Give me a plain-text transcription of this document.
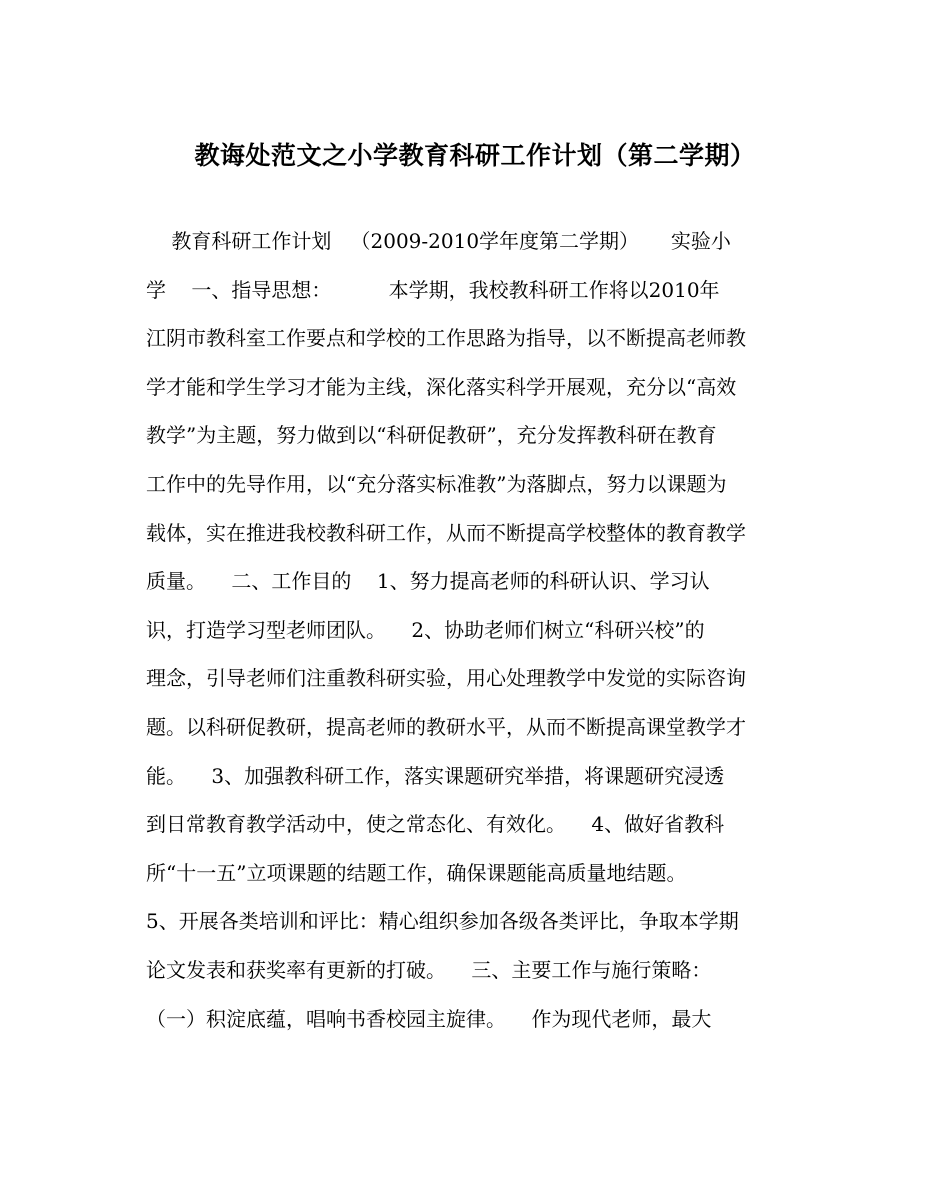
教诲处范文之小学教育科研工作计划（第二学期）
教育科研工作计划   （2009-2010学年度第二学期）     实验小
学    一、指导思想：         本学期，我校教科研工作将以2010年
江阴市教科室工作要点和学校的工作思路为指导，以不断提高老师教
学才能和学生学习才能为主线，深化落实科学开展观，充分以“高效
教学”为主题，努力做到以“科研促教研”，充分发挥教科研在教育
工作中的先导作用，以“充分落实标准教”为落脚点，努力以课题为
载体，实在推进我校教科研工作，从而不断提高学校整体的教育教学
质量。    二、工作目的    1、努力提高老师的科研认识、学习认
识，打造学习型老师团队。    2、协助老师们树立“科研兴校”的
理念，引导老师们注重教科研实验，用心处理教学中发觉的实际咨询
题。以科研促教研，提高老师的教研水平，从而不断提高课堂教学才
能。    3、加强教科研工作，落实课题研究举措，将课题研究浸透
到日常教育教学活动中，使之常态化、有效化。    4、做好省教科
所“十一五”立项课题的结题工作，确保课题能高质量地结题。
5、开展各类培训和评比：精心组织参加各级各类评比，争取本学期
论文发表和获奖率有更新的打破。    三、主要工作与施行策略：
（一）积淀底蕴，唱响书香校园主旋律。    作为现代老师，最大
